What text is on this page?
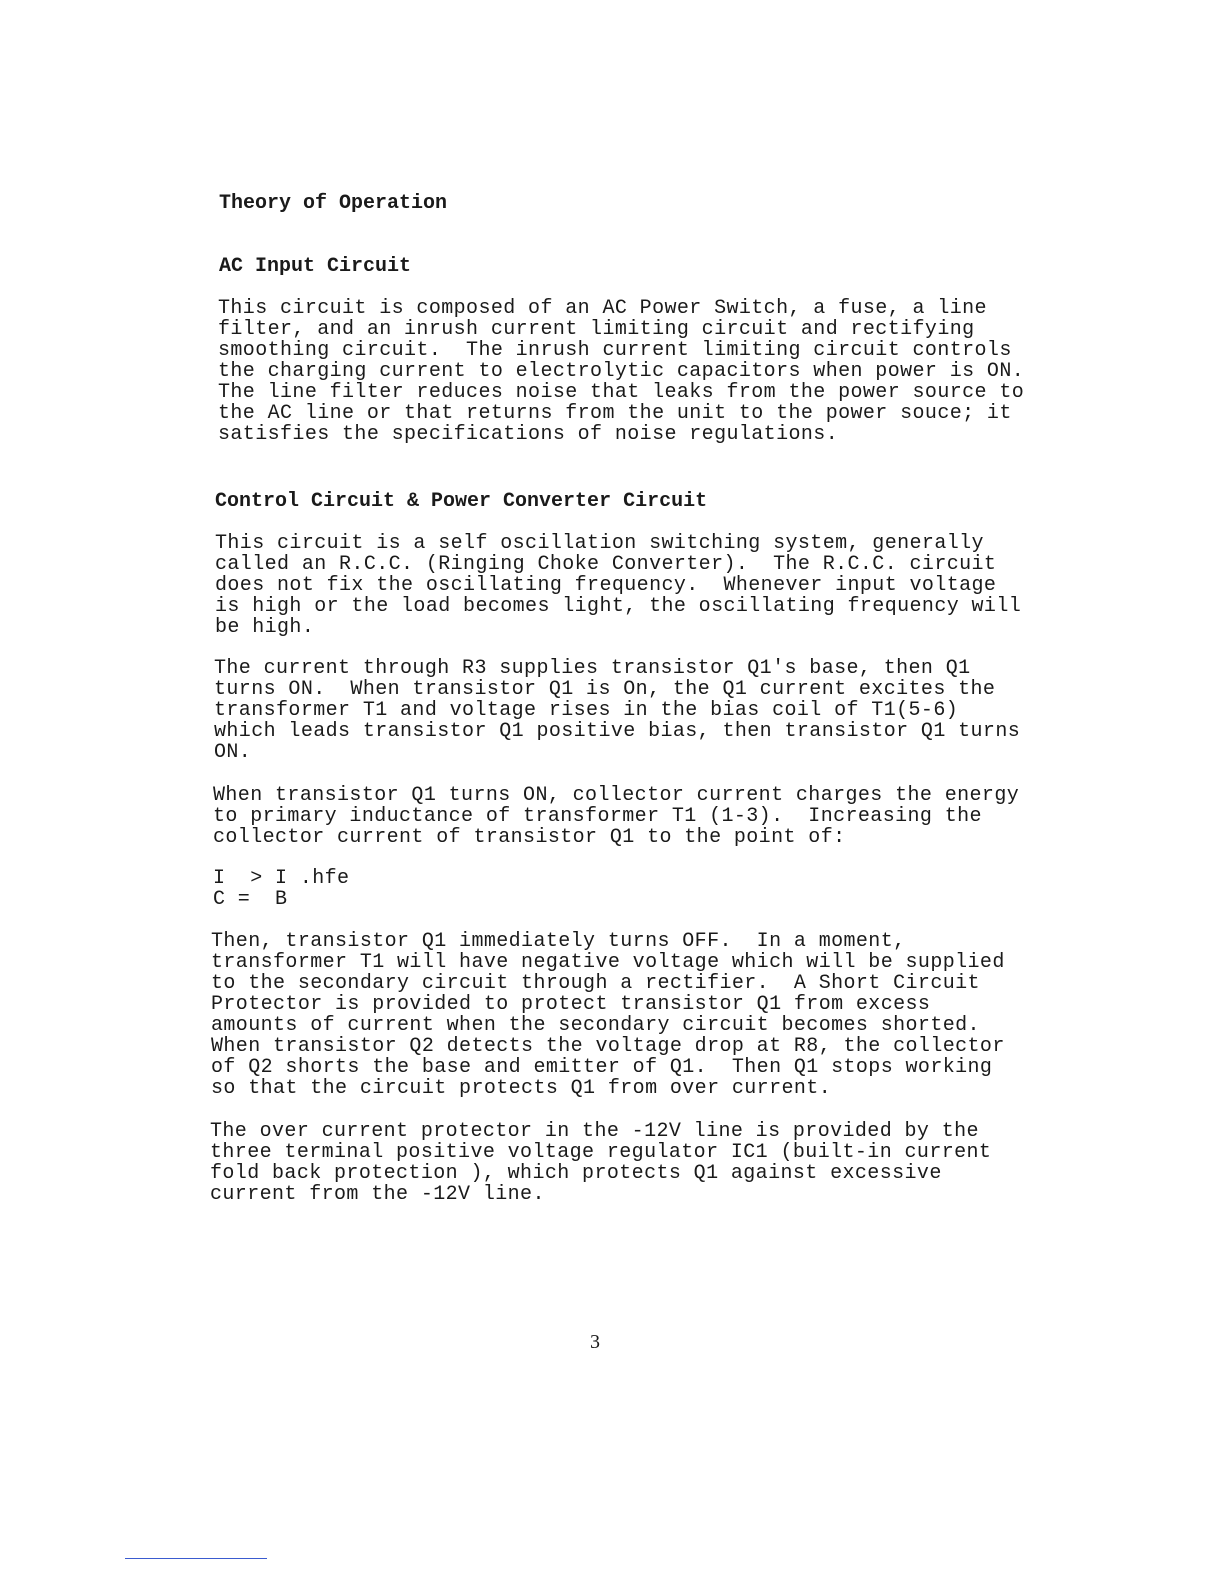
Theory of Operation
AC Input Circuit

This circuit is composed of an AC Power Switch, a fuse, a line
filter, and an inrush current limiting circuit and rectifying
smoothing circuit.  The inrush current limiting circuit controls
the charging current to electrolytic capacitors when power is ON.
The line filter reduces noise that leaks from the power source to
the AC line or that returns from the unit to the power souce; it
satisfies the specifications of noise regulations.

Control Circuit & Power Converter Circuit

This circuit is a self oscillation switching system, generally
called an R.C.C. (Ringing Choke Converter).  The R.C.C. circuit
does not fix the oscillating frequency.  Whenever input voltage
is high or the load becomes light, the oscillating frequency will
be high.

The current through R3 supplies transistor Q1's base, then Q1
turns ON.  When transistor Q1 is On, the Q1 current excites the
transformer T1 and voltage rises in the bias coil of T1(5-6)
which leads transistor Q1 positive bias, then transistor Q1 turns
ON.

When transistor Q1 turns ON, collector current charges the energy
to primary inductance of transformer T1 (1-3).  Increasing the
collector current of transistor Q1 to the point of:

I  > I .hfe
C =  B

Then, transistor Q1 immediately turns OFF.  In a moment,
transformer T1 will have negative voltage which will be supplied
to the secondary circuit through a rectifier.  A Short Circuit
Protector is provided to protect transistor Q1 from excess
amounts of current when the secondary circuit becomes shorted.
When transistor Q2 detects the voltage drop at R8, the collector
of Q2 shorts the base and emitter of Q1.  Then Q1 stops working
so that the circuit protects Q1 from over current.

The over current protector in the -12V line is provided by the
three terminal positive voltage regulator IC1 (built-in current
fold back protection ), which protects Q1 against excessive
current from the -12V line.

3
